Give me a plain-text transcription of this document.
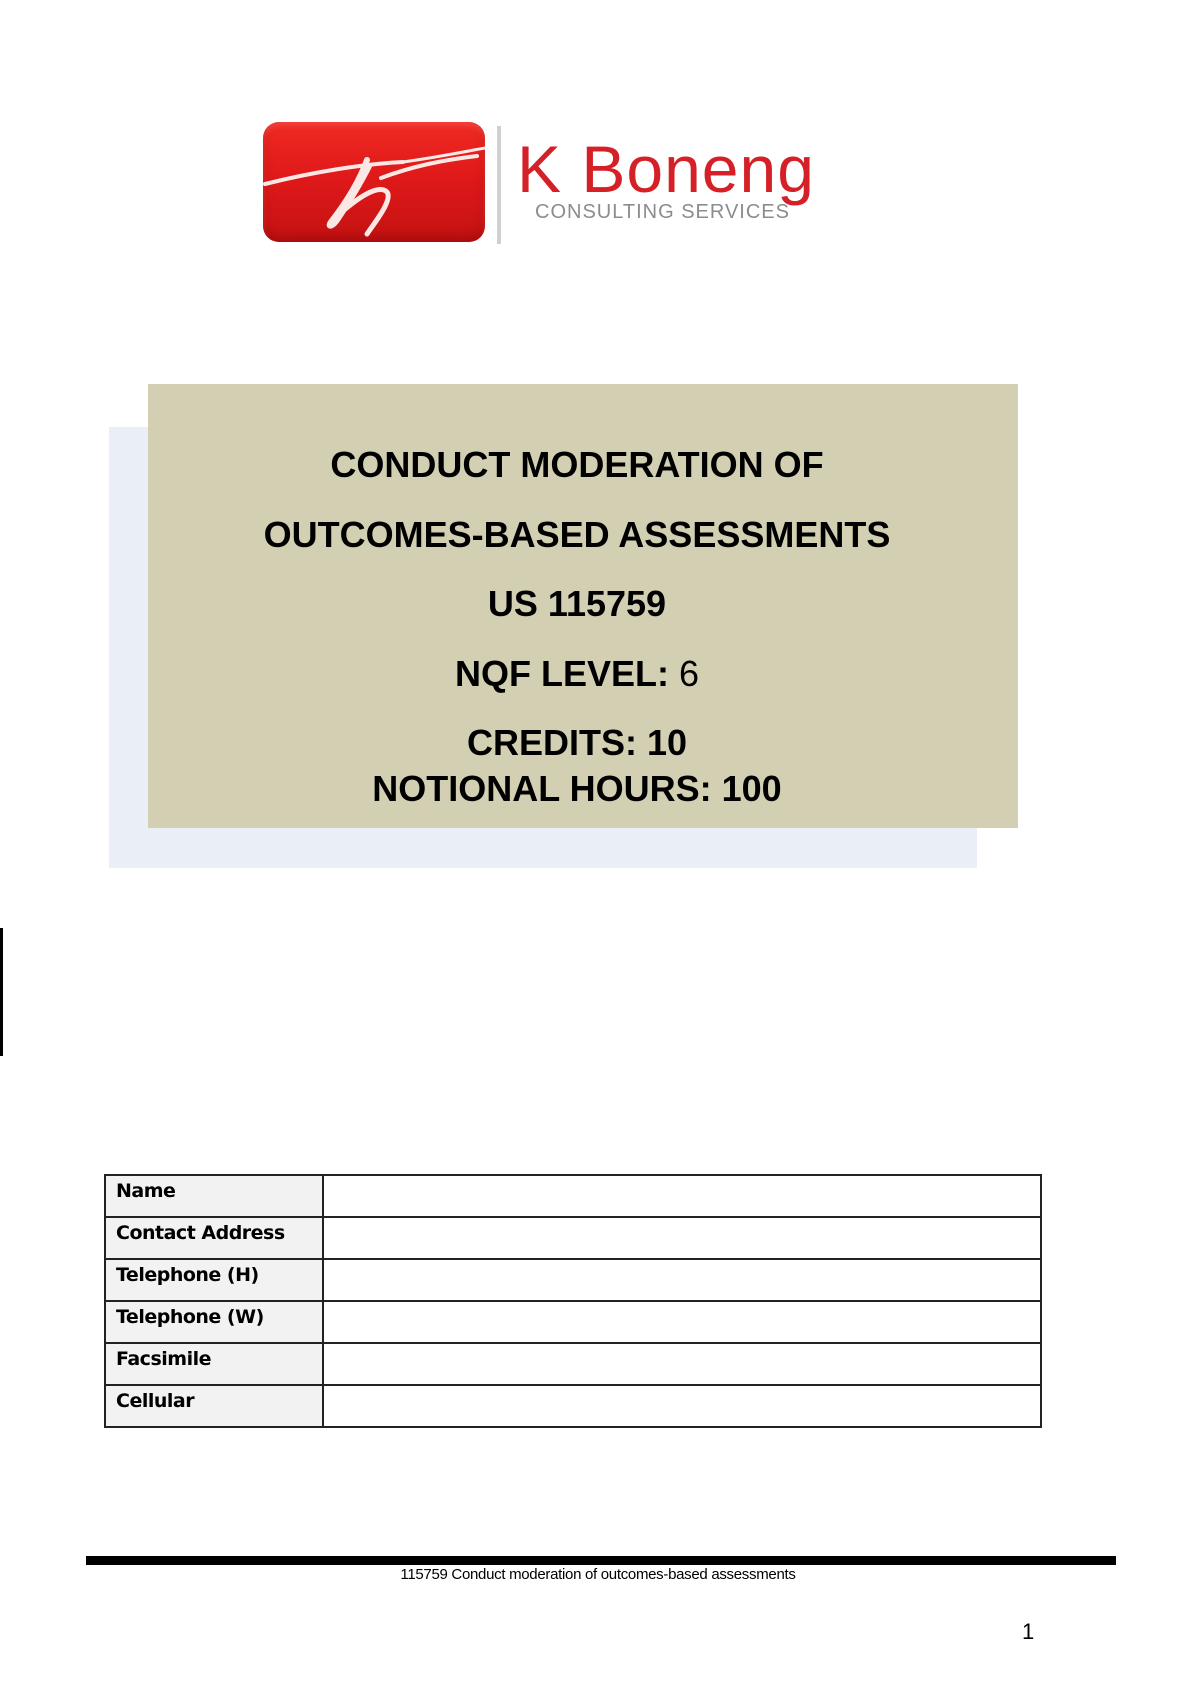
K Boneng
CONSULTING SERVICES
CONDUCT MODERATION OF
OUTCOMES-BASED ASSESSMENTS
US 115759
NQF LEVEL: 6
CREDITS: 10
NOTIONAL HOURS: 100
Name	
Contact Address	
Telephone (H)	
Telephone (W)	
Facsimile	
Cellular	
115759 Conduct moderation of outcomes-based assessments
1
